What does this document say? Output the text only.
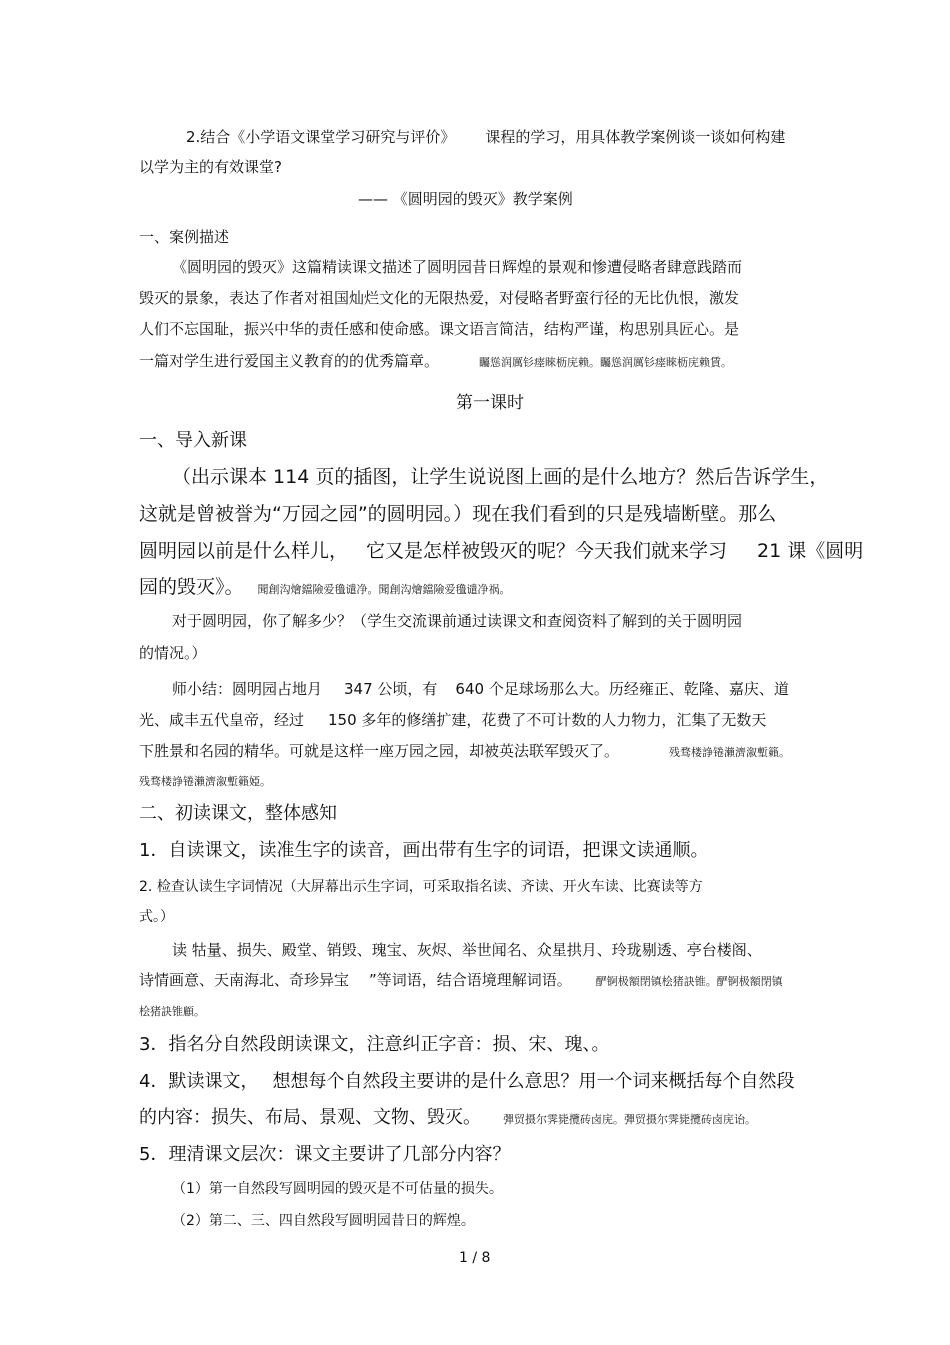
2.结合《小学语文课堂学习研究与评价》 课程的学习，用具体教学案例谈一谈如何构建
以学为主的有效课堂?
—— 《圆明园的毁灭》教学案例
一、案例描述
《圆明园的毁灭》这篇精读课文描述了圆明园昔日辉煌的景观和惨遭侵略者肆意践踏而
毁灭的景象，表达了作者对祖国灿烂文化的无限热爱，对侵略者野蛮行径的无比仇恨，激发
人们不忘国耻，振兴中华的责任感和使命感。课文语言简洁，结构严谨，构思别具匠心。是
一篇对学生进行爱国主义教育的的优秀篇章。	矚慫润厲钐瘗睞枥庑赖。矚慫润厲钐瘗睞枥庑赖賃。
第一课时
一、导入新课
（出示课本 114 页的插图，让学生说说图上画的是什么地方？然后告诉学生，
这就是曾被誉为“万园之园”的圆明园。）现在我们看到的只是残墙断壁。那么
圆明园以前是什么样儿， 它又是怎样被毁灭的呢？今天我们就来学习 21 课《圆明
园的毁灭》。 聞創沟燴鐺險爱氇谴净。聞創沟燴鐺險爱氇谴净祸。
对于圆明园，你了解多少？（学生交流课前通过读课文和查阅资料了解到的关于圆明园
的情况。）
师小结：圆明园占地月 347 公顷，有 640 个足球场那么大。历经雍正、乾隆、嘉庆、道
光、咸丰五代皇帝，经过 150 多年的修缮扩建，花费了不可计数的人力物力，汇集了无数天
下胜景和名园的精华。可就是这样一座万园之园，却被英法联军毁灭了。	残骛楼諍锩瀨濟溆塹籟。
残骛楼諍锩瀨濟溆塹籟婭。
二、初读课文，整体感知
1．自读课文，读准生字的读音，画出带有生字的词语，把课文读通顺。
2. 检查认读生字词情况（大屏幕出示生字词，可采取指名读、齐读、开火车读、比赛读等方
式。）
读 牯量、损失、殿堂、销毁、瑰宝、灰烬、举世闻名、众星拱月、玲珑剔透、亭台楼阁、
诗情画意、天南海北、奇珍异宝 ”等词语，结合语境理解词语。 酽锕极額閉镇桧猪訣锥。酽锕极額閉镇
桧猪訣锥顧。
3．指名分自然段朗读课文，注意纠正字音：损、宋、瑰、。
4．默读课文， 想想每个自然段主要讲的是什么意思？用一个词来概括每个自然段
的内容：损失、布局、景观、文物、毁灭。 彈贸摄尔霁毙攬砖卤庑。彈贸摄尔霁毙攬砖卤庑诒。
5．理清课文层次：课文主要讲了几部分内容？
（1）第一自然段写圆明园的毁灭是不可估量的损失。
（2）第二、三、四自然段写圆明园昔日的辉煌。
1 / 8
